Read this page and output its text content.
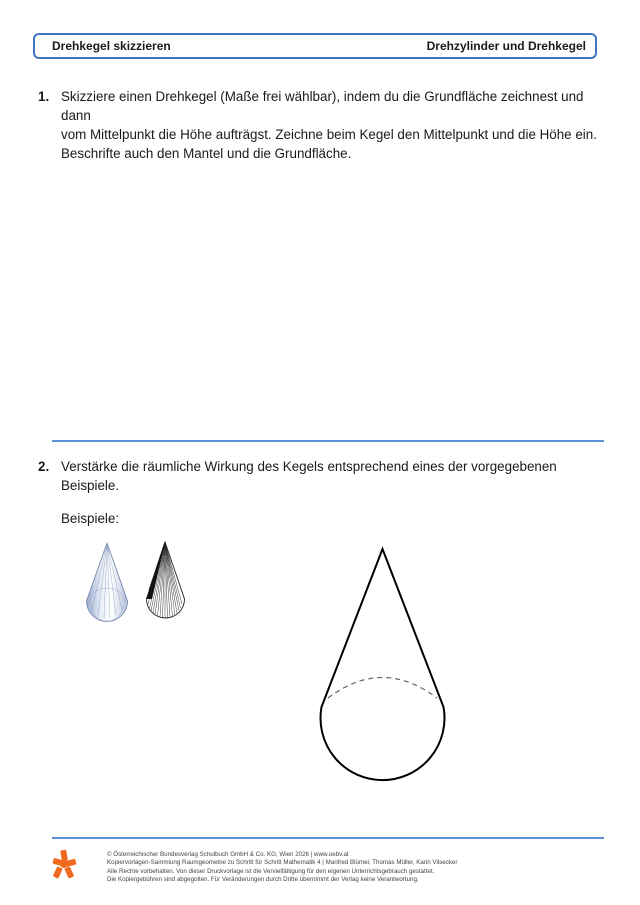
Drehkegel skizzieren	Drehzylinder und Drehkegel
1. Skizziere einen Drehkegel (Maße frei wählbar), indem du die Grundfläche zeichnest und dann
vom Mittelpunkt die Höhe aufträgst. Zeichne beim Kegel den Mittelpunkt und die Höhe ein.
Beschrifte auch den Mantel und die Grundfläche.
2. Verstärke die räumliche Wirkung des Kegels entsprechend eines der vorgegebenen
Beispiele.
Beispiele:
© Österreichischer Bundesverlag Schulbuch GmbH & Co. KG, Wien 2026 | www.oebv.at
Kopiervorlagen-Sammlung Raumgeometrie zu Schritt für Schritt Mathematik 4 | Manfred Blümel, Thomas Müller, Karin Vilsecker
Alle Rechte vorbehalten. Von dieser Druckvorlage ist die Vervielfältigung für den eigenen Unterrichtsgebrauch gestattet.
Die Kopiergebühren sind abgegolten. Für Veränderungen durch Dritte übernimmt der Verlag keine Verantwortung.
